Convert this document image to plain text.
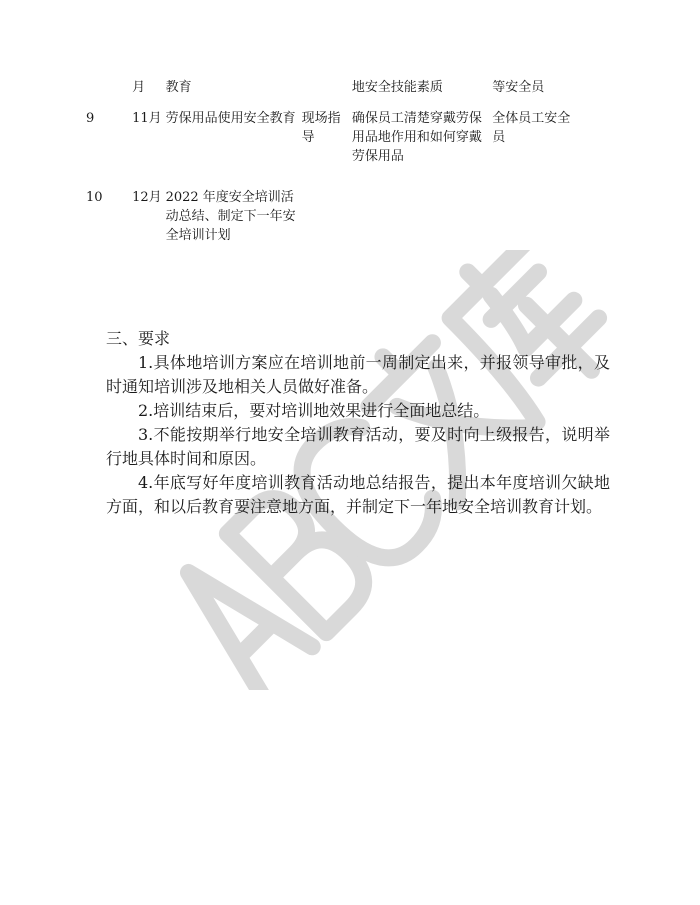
	月	教育		地安全技能素质	等安全员
9	11月	劳保用品使用安全教育	现场指导	确保员工清楚穿戴劳保用品地作用和如何穿戴劳保用品	全体员工安全员
10	12月	2022 年度安全培训活动总结、制定下一年安全培训计划			

三、要求

1.具体地培训方案应在培训地前一周制定出来，并报领导审批，及时通知培训涉及地相关人员做好准备。

2.培训结束后，要对培训地效果进行全面地总结。

3.不能按期举行地安全培训教育活动，要及时向上级报告，说明举行地具体时间和原因。

4.年底写好年度培训教育活动地总结报告，提出本年度培训欠缺地方面，和以后教育要注意地方面，并制定下一年地安全培训教育计划。
